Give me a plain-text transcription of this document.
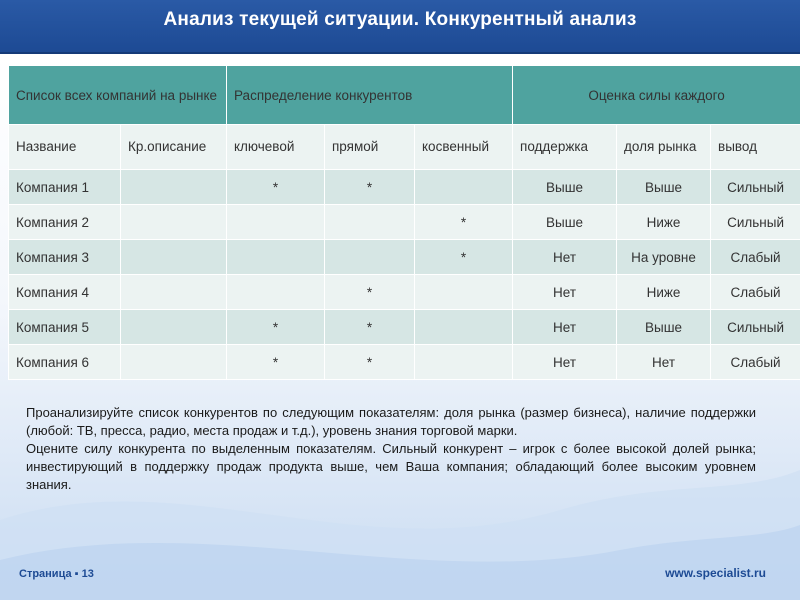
Анализ текущей ситуации. Конкурентный анализ
Список всех компаний на рынке		Распределение конкурентов			Оценка силы каждого		
Название	Кр.описание	ключевой	прямой	косвенный	поддержка	доля рынка	вывод
Компания 1		*	*		Выше	Выше	Сильный
Компания 2				*	Выше	Ниже	Сильный
Компания 3				*	Нет	На уровне	Слабый
Компания 4			*		Нет	Ниже	Слабый
Компания 5		*	*		Нет	Выше	Сильный
Компания 6		*	*		Нет	Нет	Слабый

Проанализируйте список конкурентов по следующим показателям: доля рынка (размер бизнеса), наличие поддержки (любой: ТВ, пресса, радио, места продаж и т.д.), уровень знания торговой марки.

Оцените силу конкурента по выделенным показателям. Сильный конкурент – игрок с более высокой долей рынка; инвестирующий в поддержку продаж продукта выше, чем Ваша компания; обладающий более высоким уровнем знания.

Страница ▪ 13	www.specialist.ru
